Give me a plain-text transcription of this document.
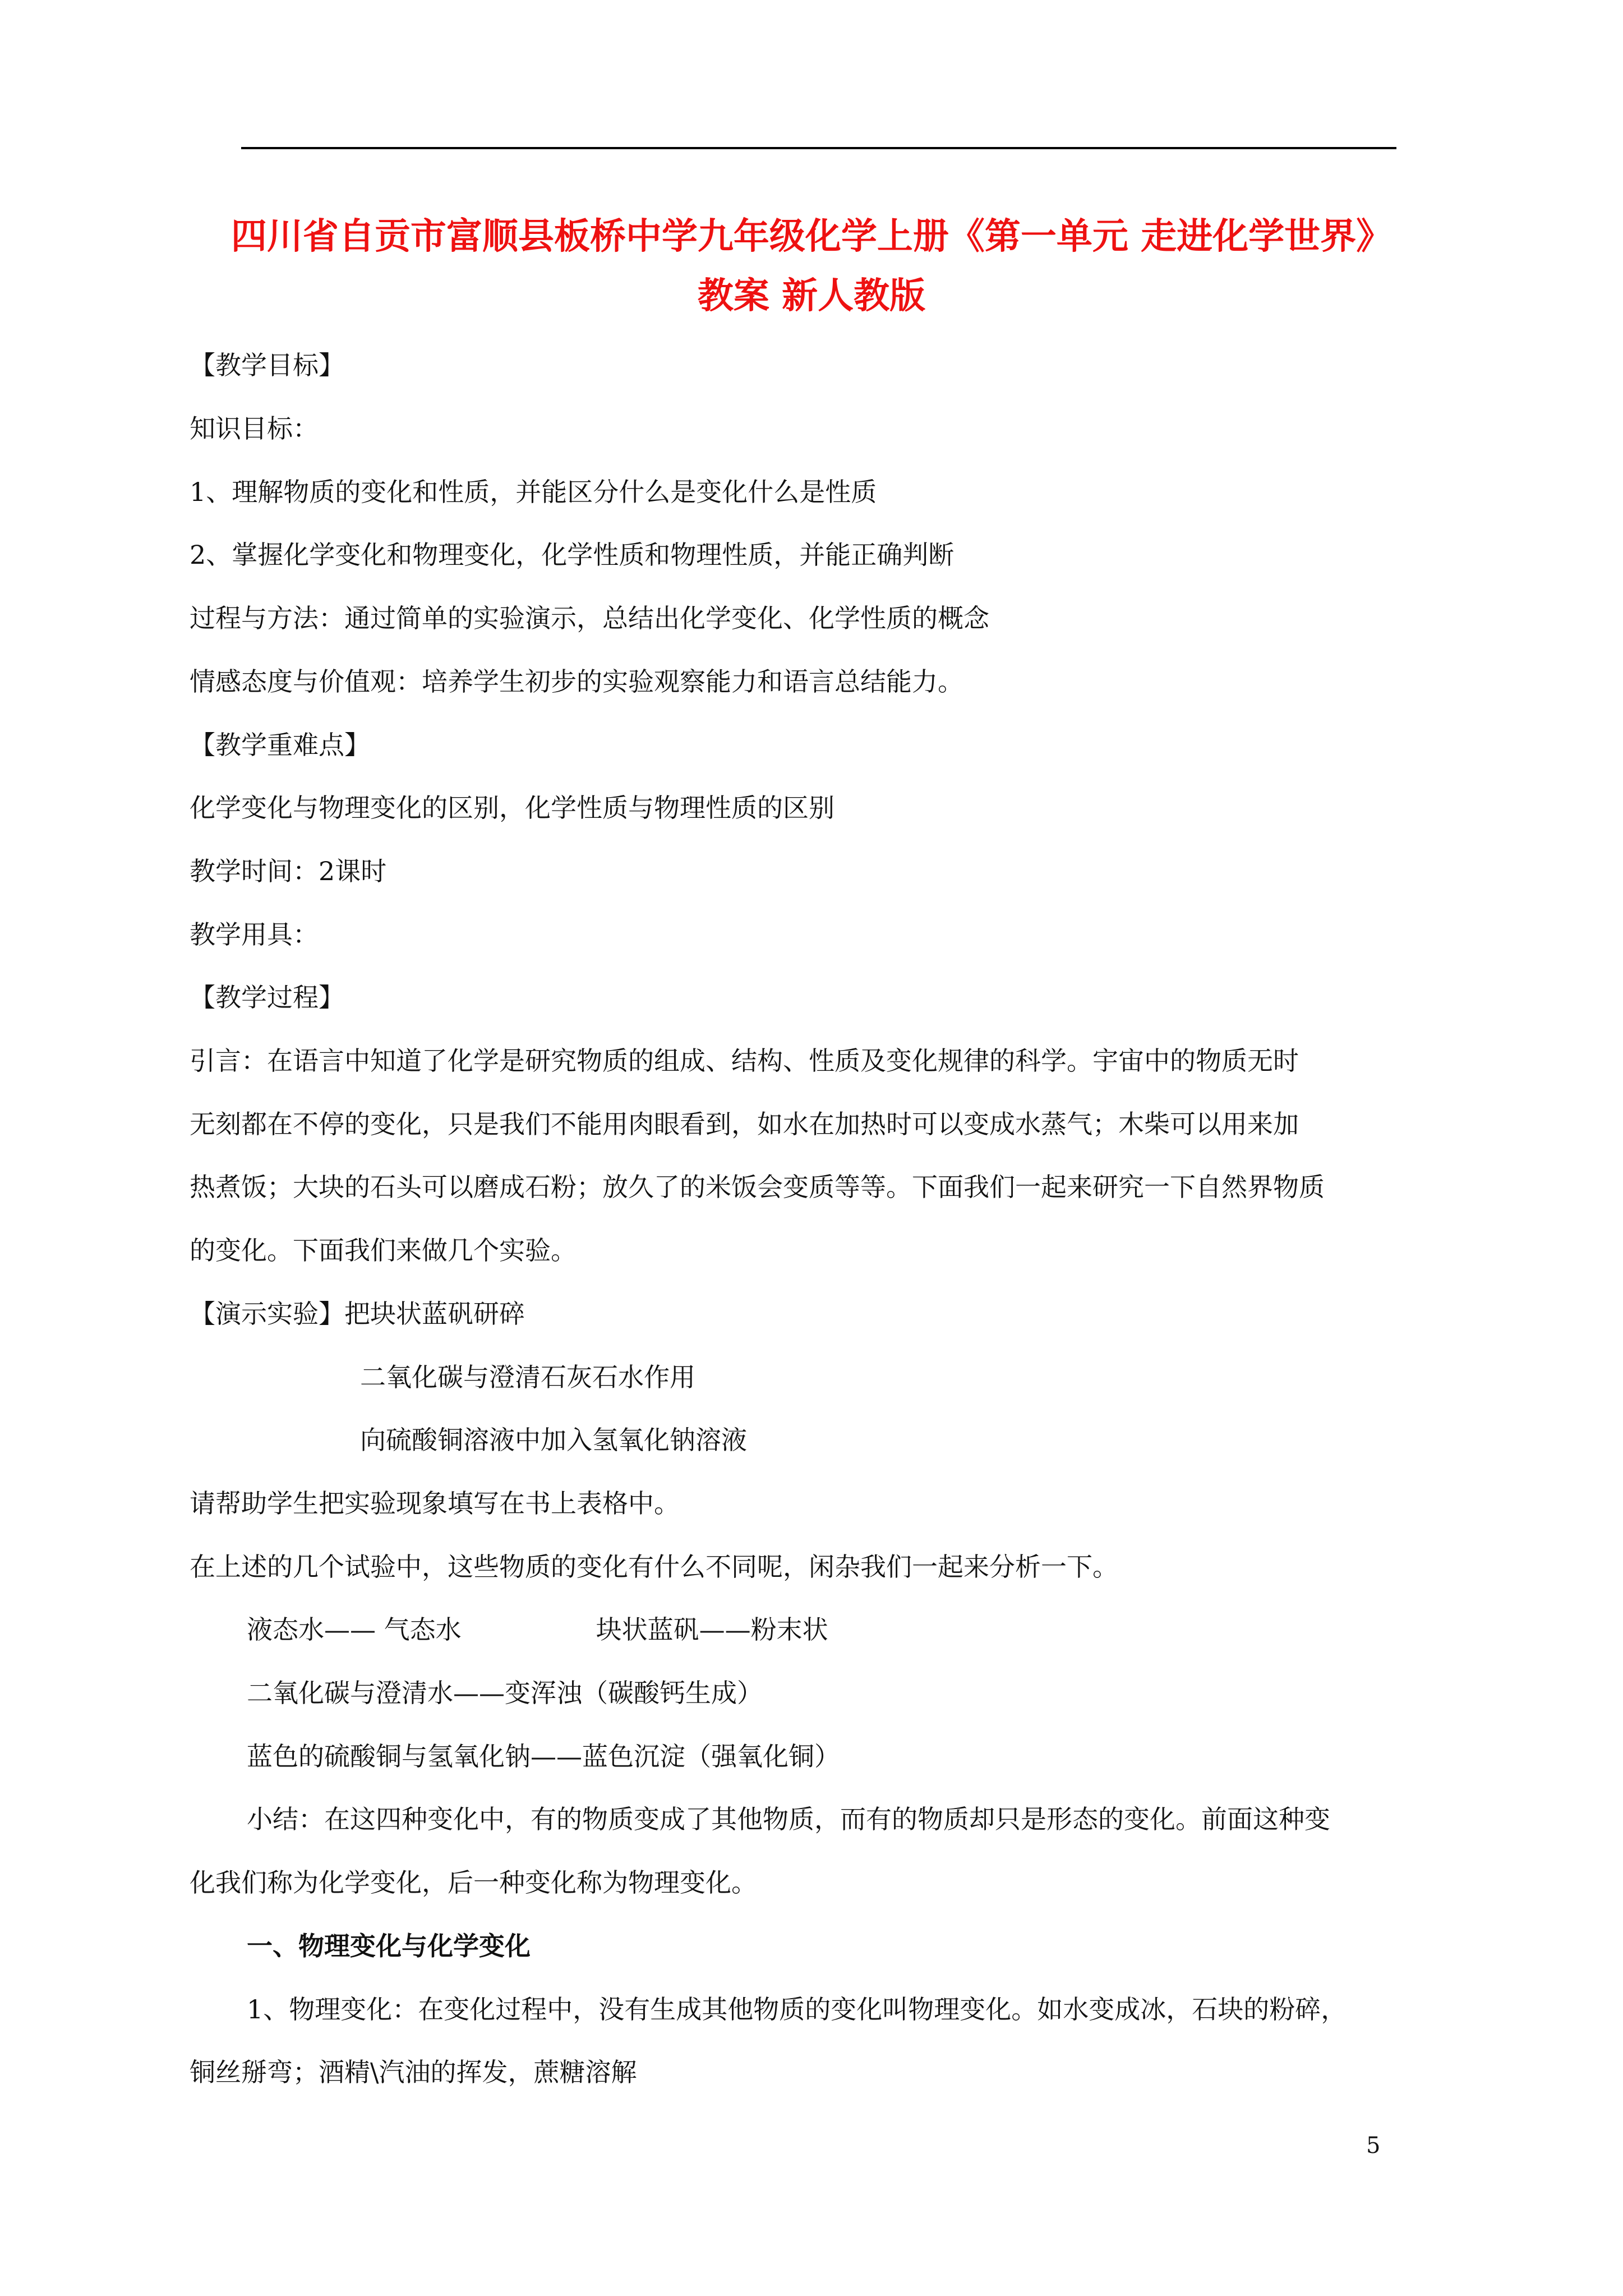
四川省自贡市富顺县板桥中学九年级化学上册《第一单元 走进化学世界》
教案 新人教版
【教学目标】
知识目标：
1、理解物质的变化和性质，并能区分什么是变化什么是性质
2、掌握化学变化和物理变化，化学性质和物理性质，并能正确判断
过程与方法：通过简单的实验演示，总结出化学变化、化学性质的概念
情感态度与价值观：培养学生初步的实验观察能力和语言总结能力。
【教学重难点】
化学变化与物理变化的区别，化学性质与物理性质的区别
教学时间：2课时
教学用具：
【教学过程】
引言：在语言中知道了化学是研究物质的组成、结构、性质及变化规律的科学。宇宙中的物质无时
无刻都在不停的变化，只是我们不能用肉眼看到，如水在加热时可以变成水蒸气；木柴可以用来加
热煮饭；大块的石头可以磨成石粉；放久了的米饭会变质等等。下面我们一起来研究一下自然界物质
的变化。下面我们来做几个实验。
【演示实验】把块状蓝矾研碎
二氧化碳与澄清石灰石水作用
向硫酸铜溶液中加入氢氧化钠溶液
请帮助学生把实验现象填写在书上表格中。
在上述的几个试验中，这些物质的变化有什么不同呢，闲杂我们一起来分析一下。
液态水—— 气态水	块状蓝矾——粉末状
二氧化碳与澄清水——变浑浊（碳酸钙生成）
蓝色的硫酸铜与氢氧化钠——蓝色沉淀（强氧化铜）
小结：在这四种变化中，有的物质变成了其他物质，而有的物质却只是形态的变化。前面这种变
化我们称为化学变化，后一种变化称为物理变化。
一、物理变化与化学变化
1、物理变化：在变化过程中，没有生成其他物质的变化叫物理变化。如水变成冰，石块的粉碎，
铜丝掰弯；酒精\汽油的挥发，蔗糖溶解
5
